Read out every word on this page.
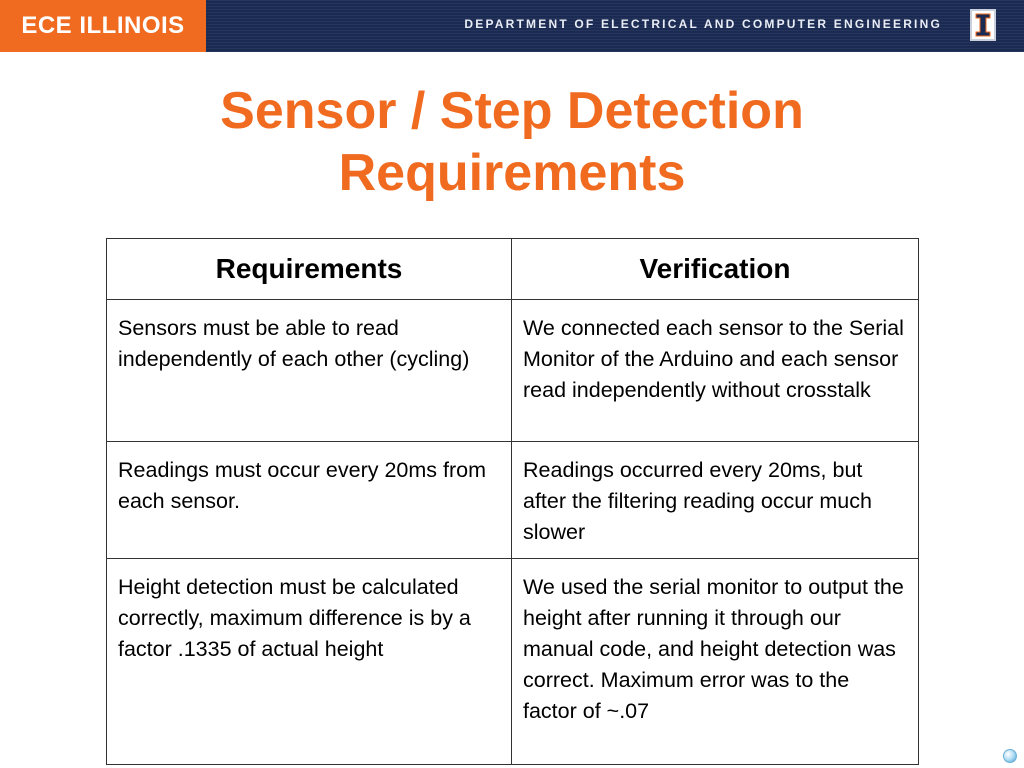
ECE ILLINOIS	DEPARTMENT OF ELECTRICAL AND COMPUTER ENGINEERING
Sensor / Step Detection
Requirements
Requirements	Verification
Sensors must be able to read independently of each other (cycling)	We connected each sensor to the Serial Monitor of the Arduino and each sensor read independently without crosstalk
Readings must occur every 20ms from each sensor.	Readings occurred every 20ms, but after the filtering reading occur much slower
Height detection must be calculated correctly, maximum difference is by a factor .1335 of actual height	We used the serial monitor to output the height after running it through our manual code, and height detection was correct. Maximum error was to the factor of ~.07
